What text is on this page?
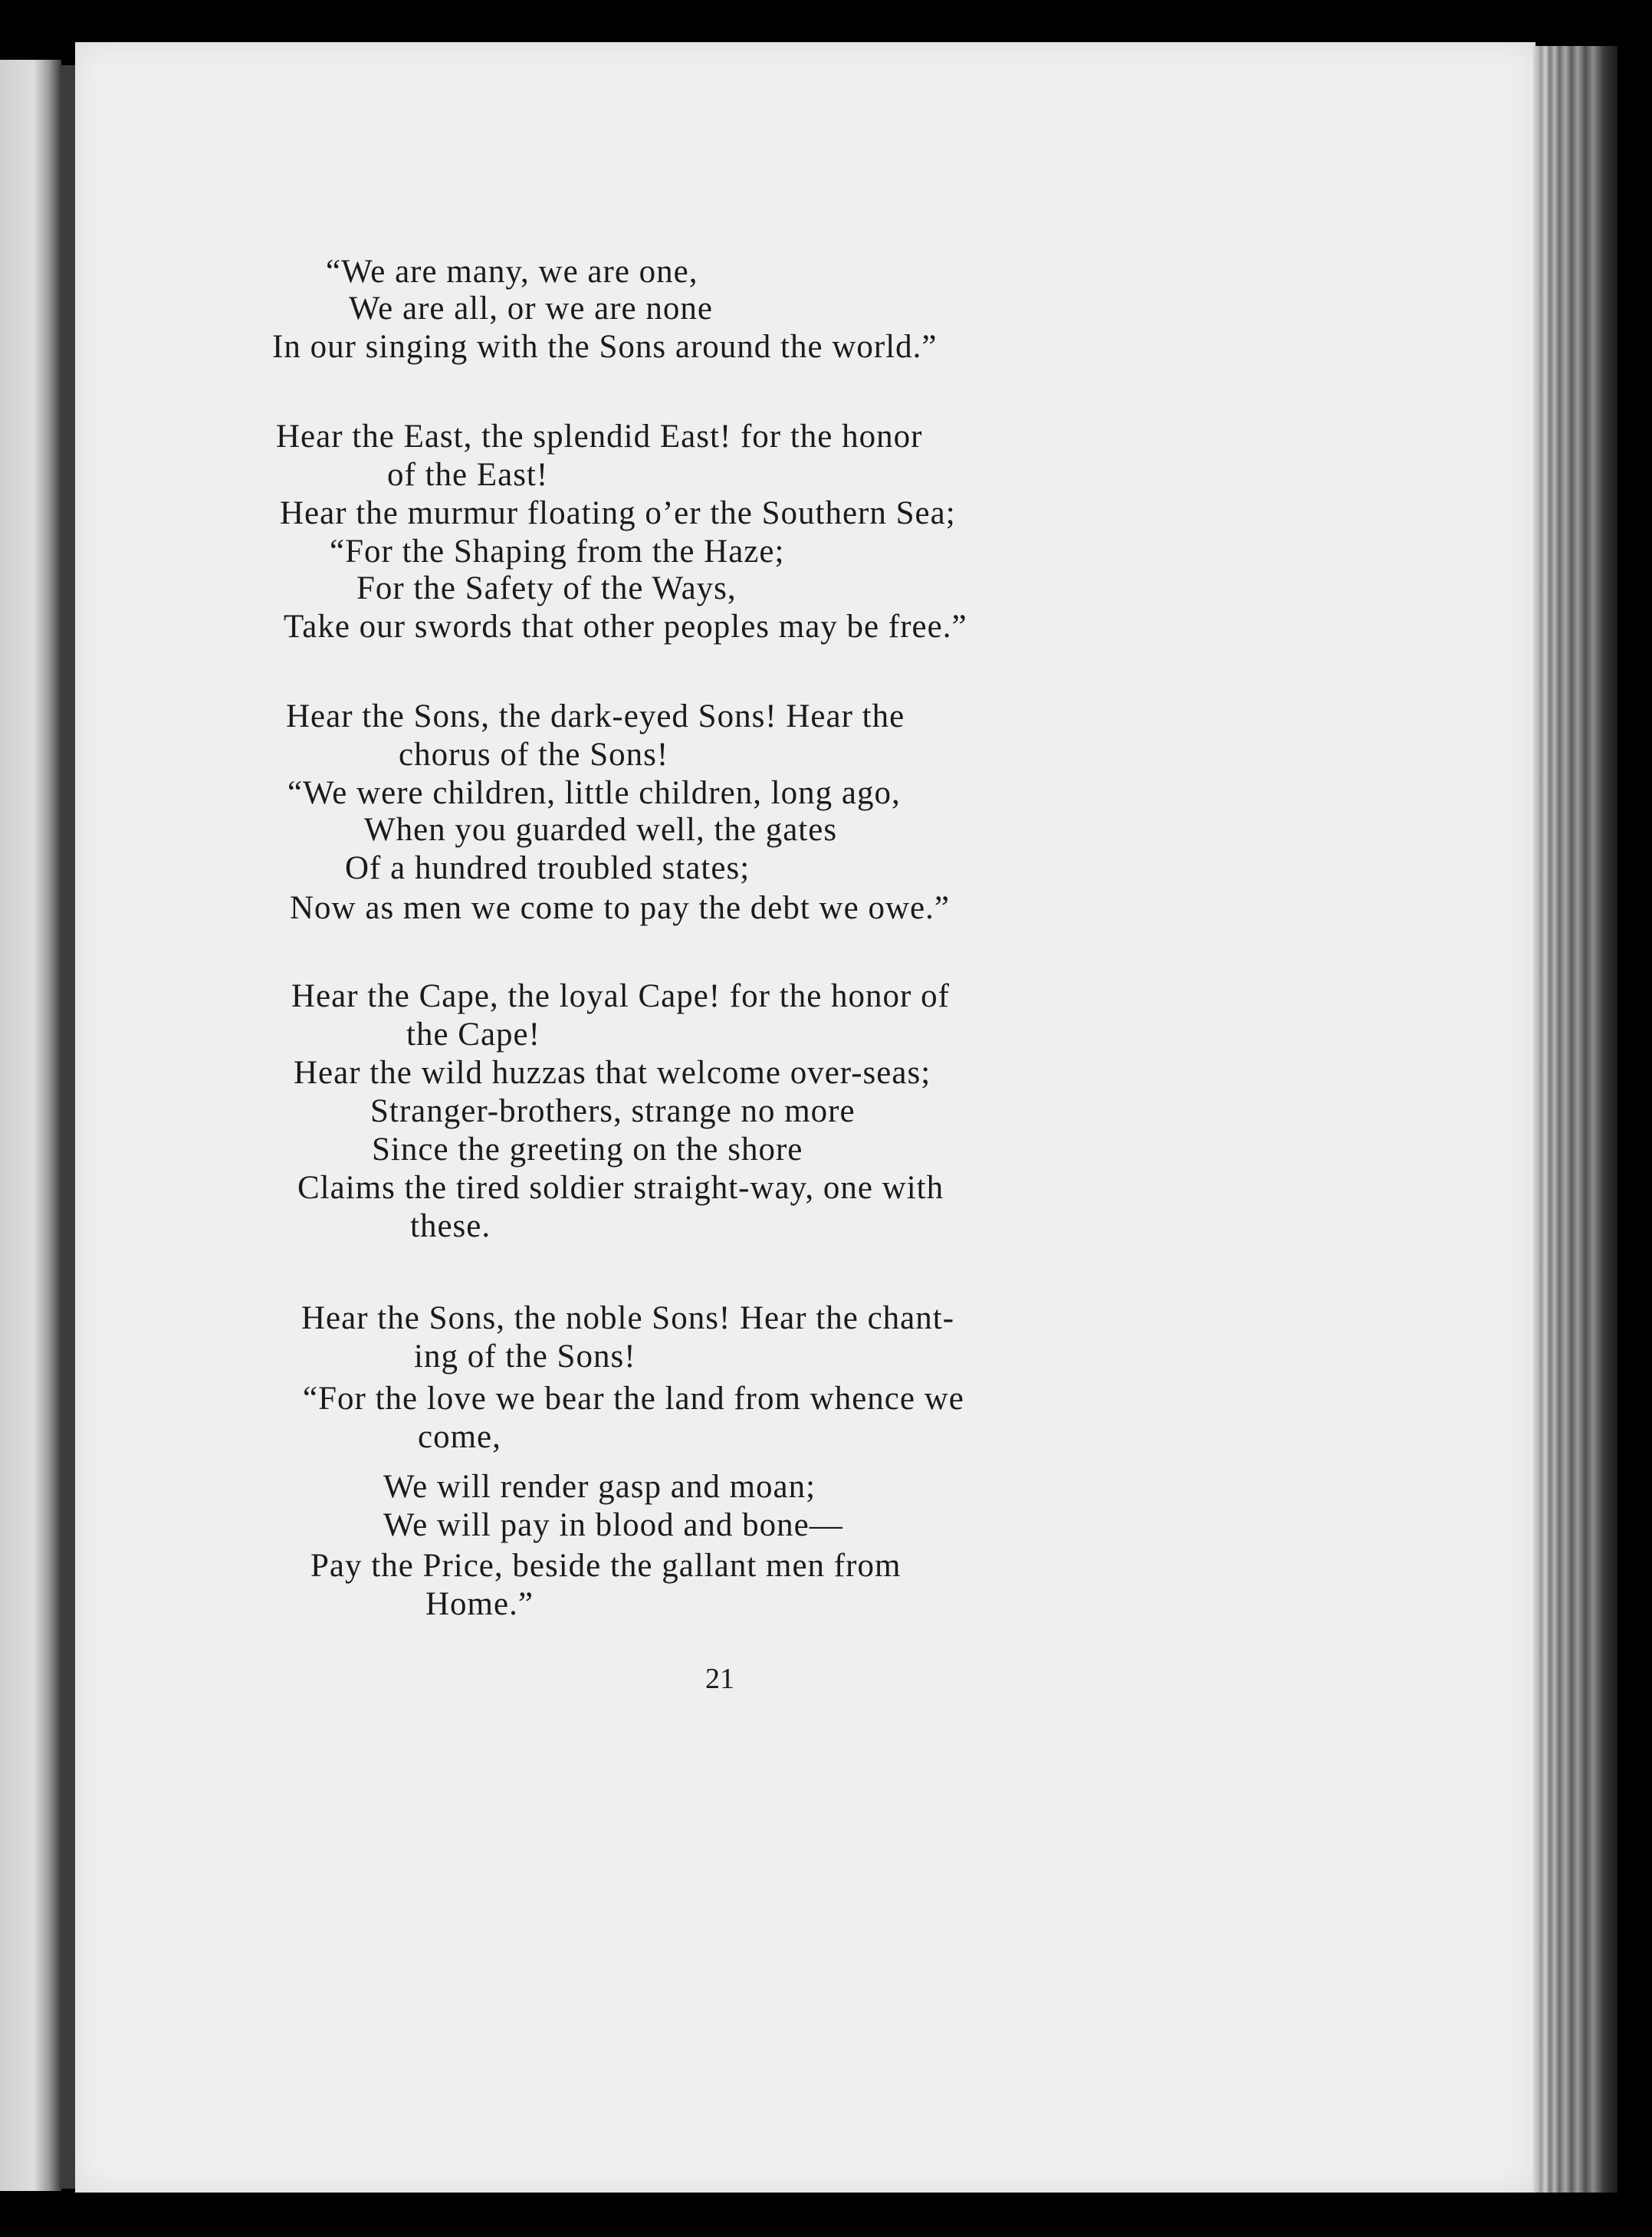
“We are many, we are one,
We are all, or we are none
In our singing with the Sons around the world.”
Hear the East, the splendid East! for the honor
of the East!
Hear the murmur floating o’er the Southern Sea;
“For the Shaping from the Haze;
For the Safety of the Ways,
Take our swords that other peoples may be free.”
Hear the Sons, the dark-eyed Sons! Hear the
chorus of the Sons!
“We were children, little children, long ago,
When you guarded well, the gates
Of a hundred troubled states;
Now as men we come to pay the debt we owe.”
Hear the Cape, the loyal Cape! for the honor of
the Cape!
Hear the wild huzzas that welcome over-seas;
Stranger-brothers, strange no more
Since the greeting on the shore
Claims the tired soldier straight-way, one with
these.
Hear the Sons, the noble Sons! Hear the chant-
ing of the Sons!
“For the love we bear the land from whence we
come,
We will render gasp and moan;
We will pay in blood and bone—
Pay the Price, beside the gallant men from
Home.”
21
